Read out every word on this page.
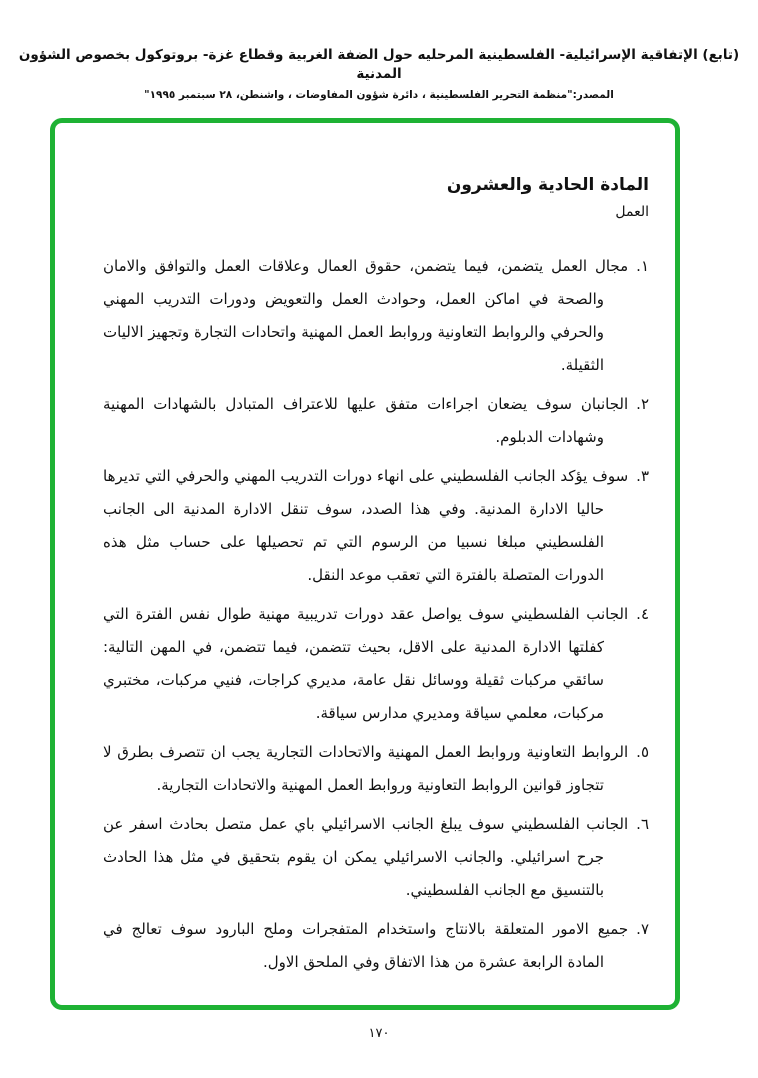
(تابع) الإتفاقية الإسرائيلية- الفلسطينية المرحليه حول الضفة الغربية وقطاع غزة- بروتوكول بخصوص الشؤون المدنية
المصدر:"منظمة التحرير الفلسطينية ، دائرة شؤون المفاوضات ، واشنطن، ٢٨ سبتمبر ١٩٩٥"
المادة الحادية والعشرون
العمل
١.مجال العمل يتضمن، فيما يتضمن، حقوق العمال وعلاقات العمل والتوافق والامان والصحة في اماكن العمل، وحوادث العمل والتعويض ودورات التدريب المهني والحرفي والروابط التعاونية وروابط العمل المهنية واتحادات التجارة وتجهيز الاليات الثقيلة.
٢.الجانبان سوف يضعان اجراءات متفق عليها للاعتراف المتبادل بالشهادات المهنية وشهادات الدبلوم.
٣.سوف يؤكد الجانب الفلسطيني على انهاء دورات التدريب المهني والحرفي التي تديرها حاليا الادارة المدنية. وفي هذا الصدد، سوف تنقل الادارة المدنية الى الجانب الفلسطيني مبلغا نسبيا من الرسوم التي تم تحصيلها على حساب مثل هذه الدورات المتصلة بالفترة التي تعقب موعد النقل.
٤.الجانب الفلسطيني سوف يواصل عقد دورات تدريبية مهنية طوال نفس الفترة التي كفلتها الادارة المدنية على الاقل، بحيث تتضمن، فيما تتضمن، في المهن التالية: سائقي مركبات ثقيلة ووسائل نقل عامة، مديري كراجات، فنيي مركبات، مختبري مركبات، معلمي سياقة ومديري مدارس سياقة.
٥.الروابط التعاونية وروابط العمل المهنية والاتحادات التجارية يجب ان تتصرف بطرق لا تتجاوز قوانين الروابط التعاونية وروابط العمل المهنية والاتحادات التجارية.
٦.الجانب الفلسطيني سوف يبلغ الجانب الاسرائيلي باي عمل متصل بحادث اسفر عن جرح اسرائيلي. والجانب الاسرائيلي يمكن ان يقوم بتحقيق في مثل هذا الحادث بالتنسيق مع الجانب الفلسطيني.
٧.جميع الامور المتعلقة بالانتاج واستخدام المتفجرات وملح البارود سوف تعالج في المادة الرابعة عشرة من هذا الاتفاق وفي الملحق الاول.
١٧٠
